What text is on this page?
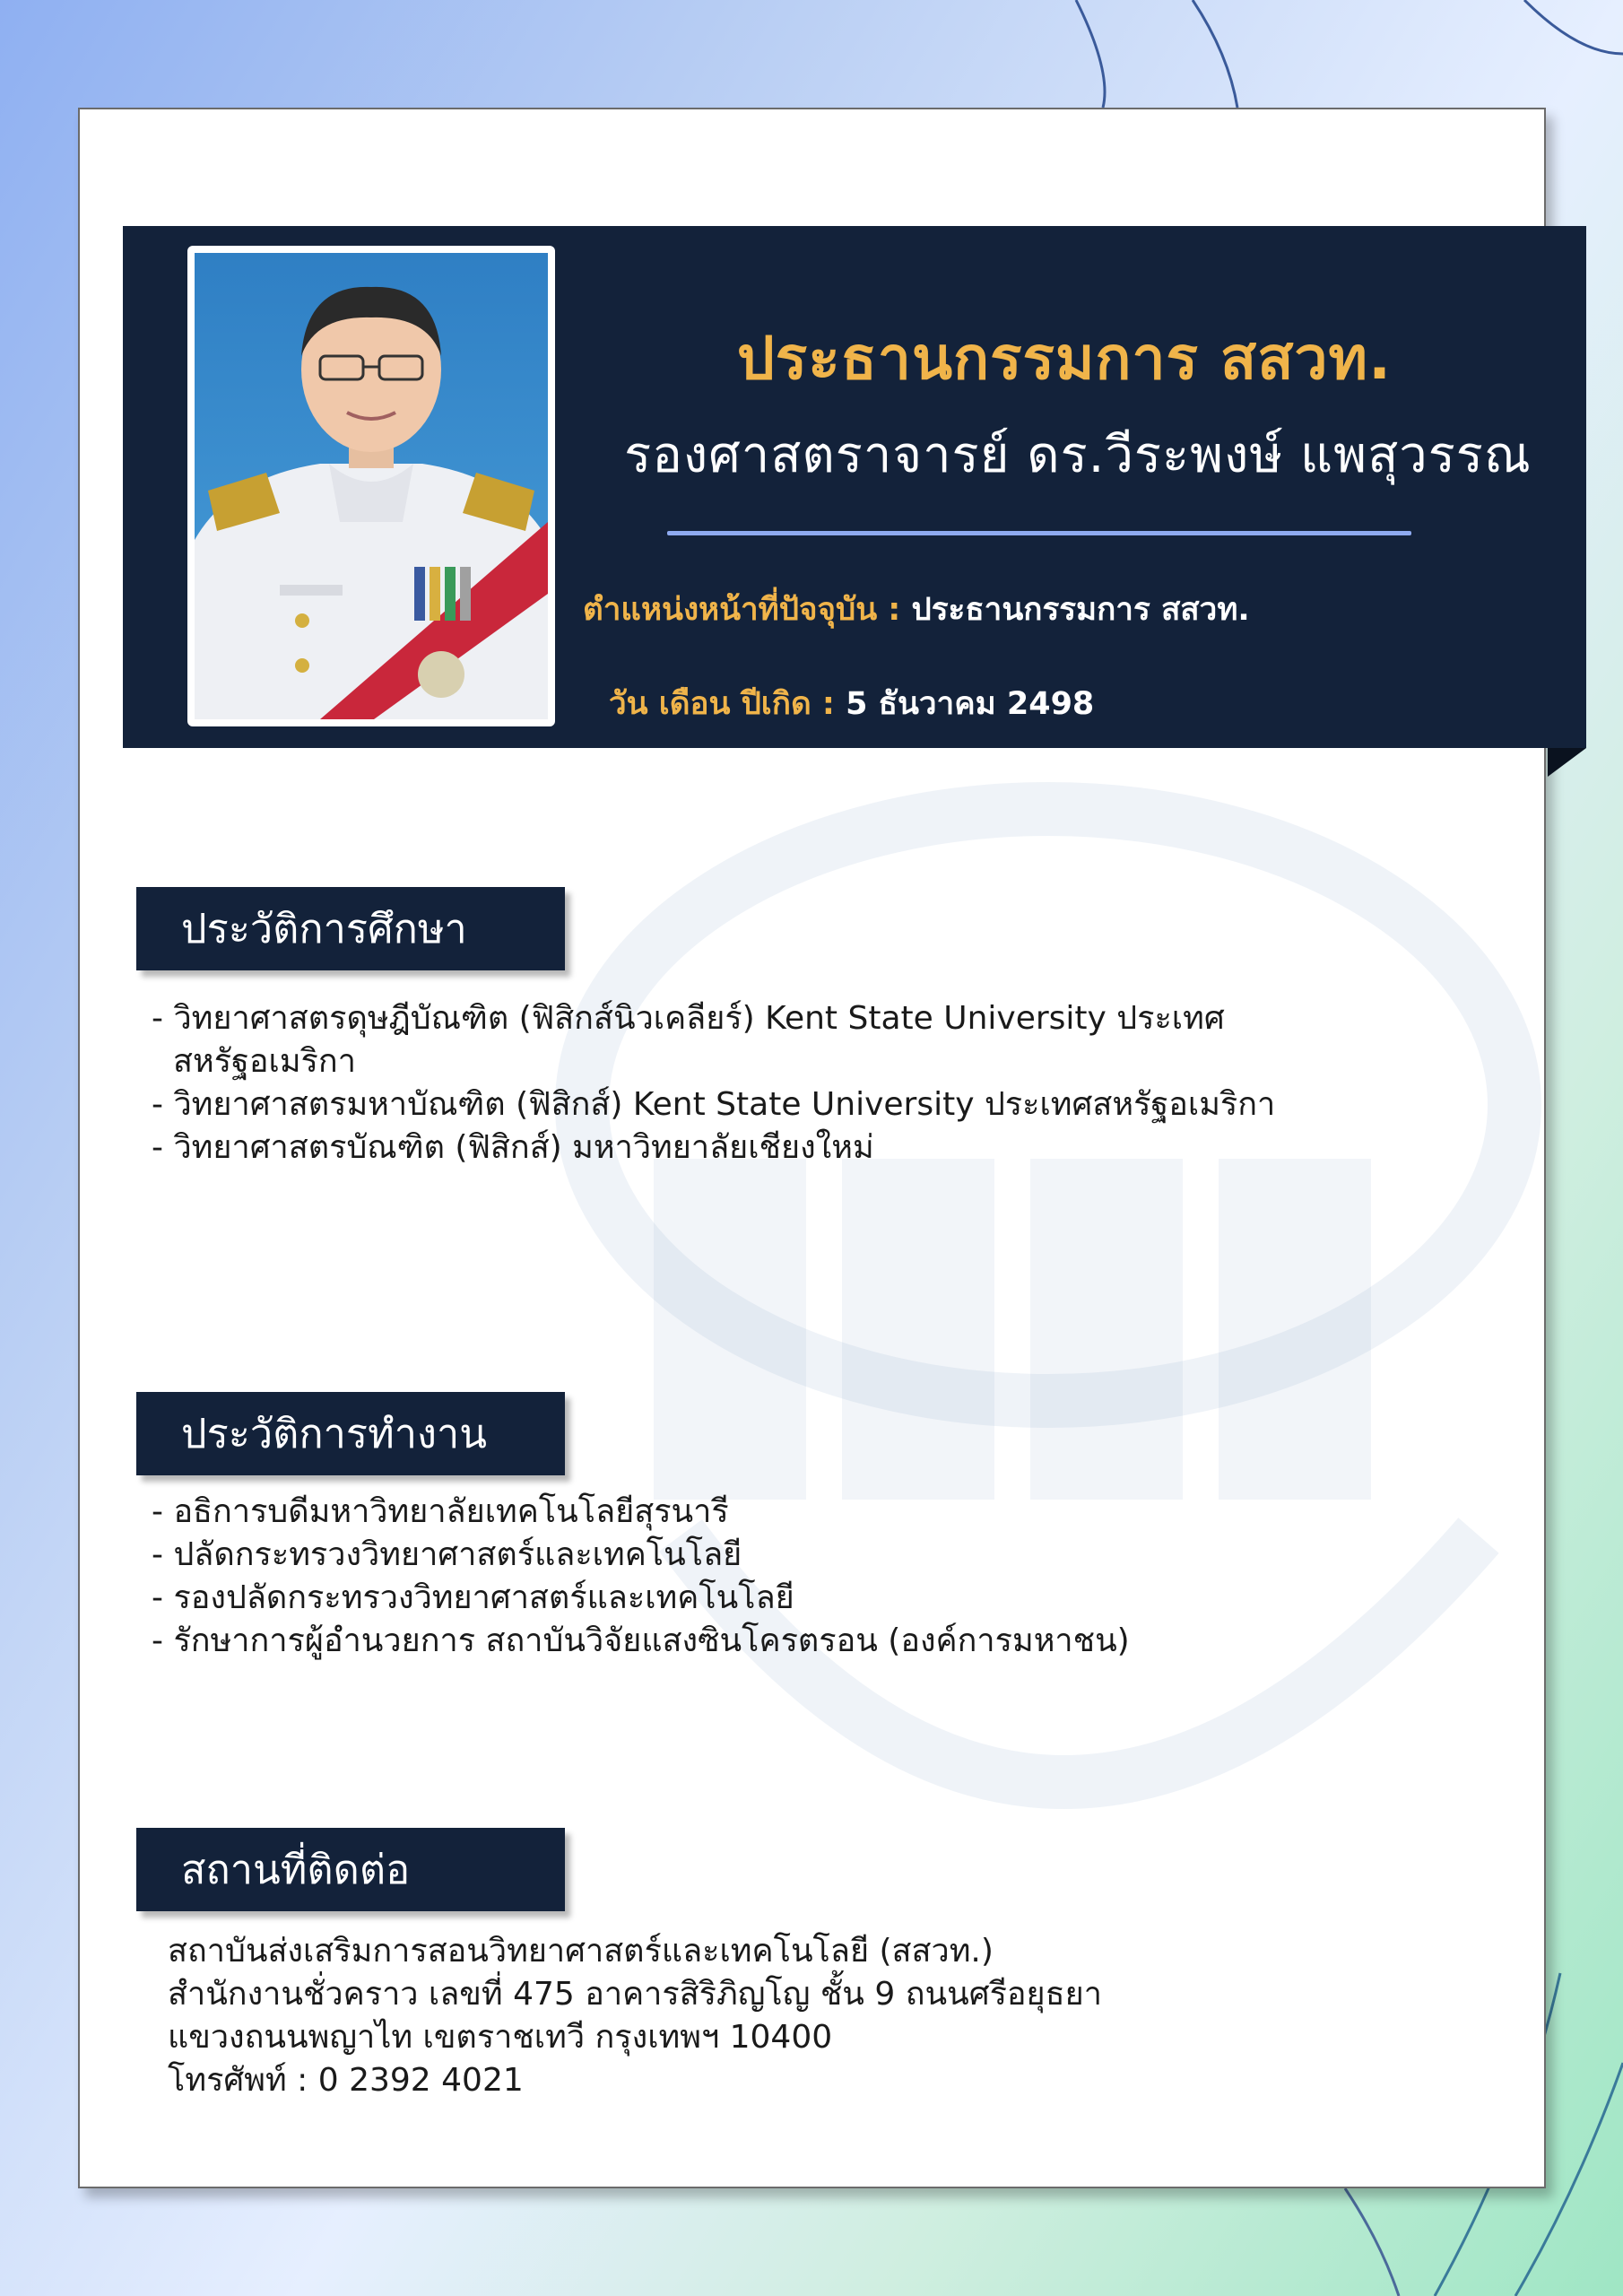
ประธานกรรมการ สสวท.
รองศาสตราจารย์ ดร.วีระพงษ์ แพสุวรรณ
ตำแหน่งหน้าที่ปัจจุบัน : ประธานกรรมการ สสวท.
วัน เดือน ปีเกิด : 5 ธันวาคม 2498
ประวัติการศึกษา
- วิทยาศาสตรดุษฎีบัณฑิต (ฟิสิกส์นิวเคลียร์) Kent State University ประเทศสหรัฐอเมริกา
- วิทยาศาสตรมหาบัณฑิต (ฟิสิกส์) Kent State University ประเทศสหรัฐอเมริกา
- วิทยาศาสตรบัณฑิต (ฟิสิกส์) มหาวิทยาลัยเชียงใหม่
ประวัติการทำงาน
- อธิการบดีมหาวิทยาลัยเทคโนโลยีสุรนารี
- ปลัดกระทรวงวิทยาศาสตร์และเทคโนโลยี
- รองปลัดกระทรวงวิทยาศาสตร์และเทคโนโลยี
- รักษาการผู้อำนวยการ สถาบันวิจัยแสงซินโครตรอน (องค์การมหาชน)
สถานที่ติดต่อ
สถาบันส่งเสริมการสอนวิทยาศาสตร์และเทคโนโลยี (สสวท.)
สำนักงานชั่วคราว เลขที่ 475 อาคารสิริภิญโญ ชั้น 9 ถนนศรีอยุธยา
แขวงถนนพญาไท เขตราชเทวี กรุงเทพฯ 10400
โทรศัพท์ : 0 2392 4021
